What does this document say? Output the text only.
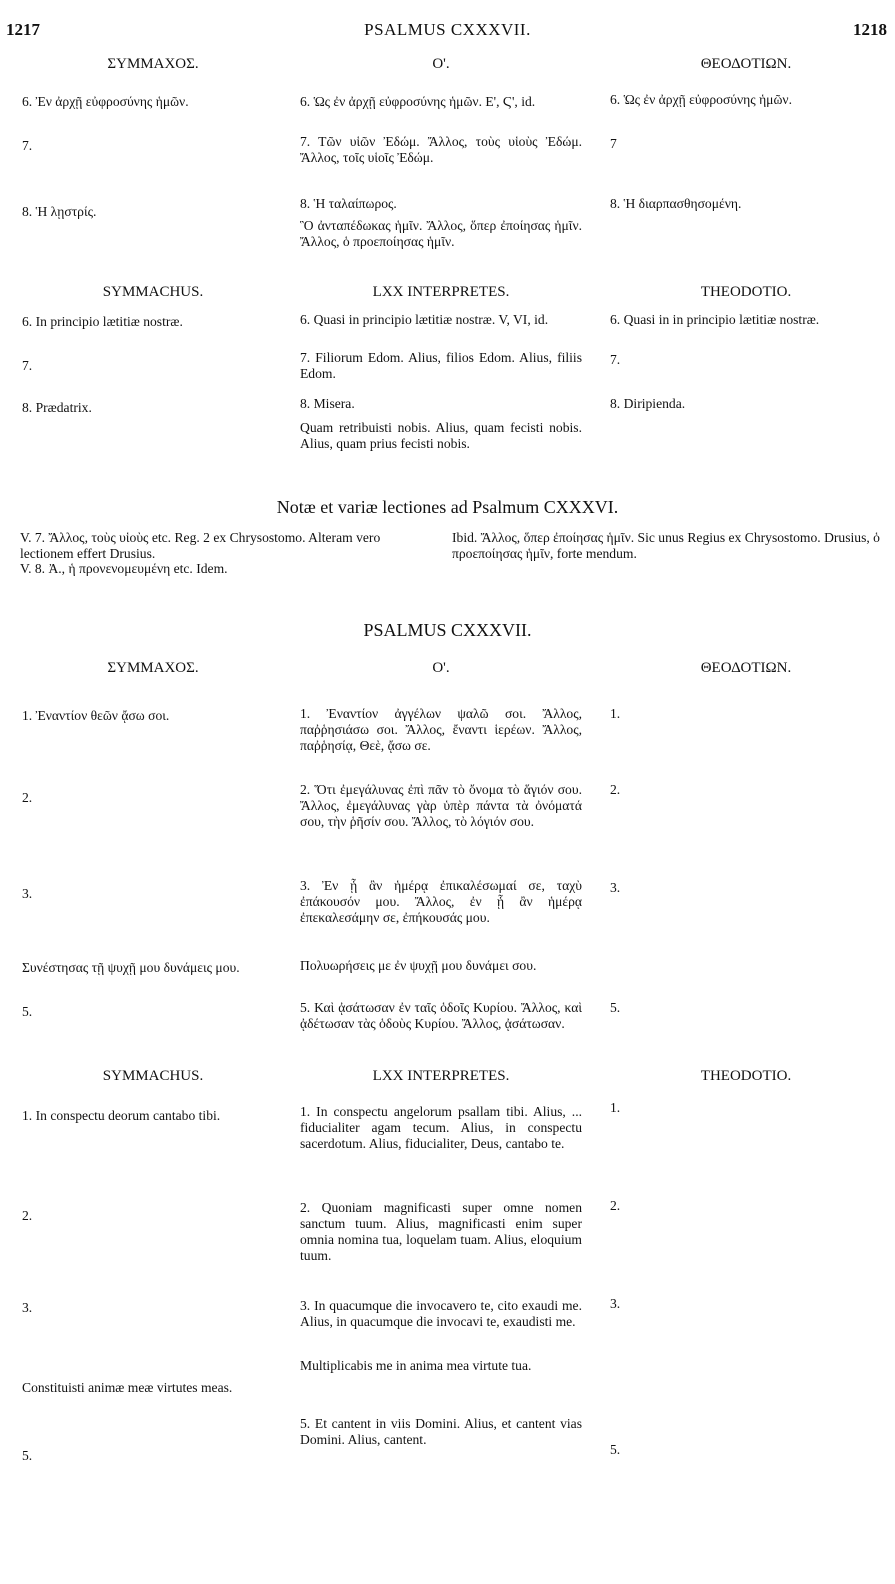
1217	PSALMUS CXXXVII.	1218
ΣΥΜΜΑΧΟΣ.
6. Ἐν ἀρχῇ εὐφροσύνης ἡμῶν.
7.
8. Ἡ λῃστρίς.
Ο'.
6. Ὡς ἐν ἀρχῇ εὐφροσύνης ἡμῶν. E', Ϛ', id.
7. Τῶν υἱῶν Ἐδώμ. Ἄλλος, τοὺς υἱοὺς Ἐδώμ. Ἄλλος, τοῖς υἱοῖς Ἐδώμ.
8. Ἡ ταλαίπωρος.
Ὃ ἀνταπέδωκας ἡμῖν. Ἄλλος, ὅπερ ἐποίησας ἡμῖν. Ἄλλος, ὁ προεποίησας ἡμῖν.
ΘΕΟΔΟΤΙΩΝ.
6. Ὡς ἐν ἀρχῇ εὐφροσύνης ἡμῶν.
7
8. Ἡ διαρπασθησομένη.
SYMMACHUS.
6. In principio lætitiæ nostræ.
7.
8. Prædatrix.
LXX INTERPRETES.
6. Quasi in principio lætitiæ nostræ. V, VI, id.
7. Filiorum Edom. Alius, filios Edom. Alius, filiis Edom.
8. Misera.
Quam retribuisti nobis. Alius, quam fecisti nobis. Alius, quam prius fecisti nobis.
THEODOTIO.
6. Quasi in in principio lætitiæ nostræ.
7.
8. Diripienda.
Notæ et variæ lectiones ad Psalmum CXXXVI.
V. 7. Ἄλλος, τοὺς υἱοὺς etc. Reg. 2 ex Chrysostomo. Alteram vero lectionem effert Drusius.
V. 8. Ἀ., ἡ προνενομευμένη etc. Idem.
Ibid. Ἄλλος, ὅπερ ἐποίησας ἡμῖν. Sic unus Regius ex Chrysostomo. Drusius, ὁ προεποίησας ἡμῖν, forte mendum.
PSALMUS CXXXVII.
ΣΥΜΜΑΧΟΣ.
1. Ἐναντίον θεῶν ᾄσω σοι.
2.
3.
Συνέστησας τῇ ψυχῇ μου δυνάμεις μου.
5.
Ο'.
1. Ἐναντίον ἀγγέλων ψαλῶ σοι. Ἄλλος, παῤῥησιάσω σοι. Ἄλλος, ἔναντι ἱερέων. Ἄλλος, παῤῥησίᾳ, Θεὲ, ᾄσω σε.
2. Ὅτι ἐμεγάλυνας ἐπὶ πᾶν τὸ ὄνομα τὸ ἅγιόν σου. Ἄλλος, ἐμεγάλυνας γὰρ ὑπὲρ πάντα τὰ ὀνόματά σου, τὴν ῥῆσίν σου. Ἄλλος, τὸ λόγιόν σου.
3. Ἐν ᾗ ἂν ἡμέρᾳ ἐπικαλέσωμαί σε, ταχὺ ἐπάκουσόν μου. Ἄλλος, ἐν ᾗ ἂν ἡμέρᾳ ἐπεκαλεσάμην σε, ἐπήκουσάς μου.
Πολυωρήσεις με ἐν ψυχῇ μου δυνάμει σου.
5. Καὶ ᾀσάτωσαν ἐν ταῖς ὁδοῖς Κυρίου. Ἄλλος, καὶ ᾀδέτωσαν τὰς ὁδοὺς Κυρίου. Ἄλλος, ᾀσάτωσαν.
ΘΕΟΔΟΤΙΩΝ.
1.
2.
3.
5.
SYMMACHUS.
1. In conspectu deorum cantabo tibi.
2.
3.
Constituisti animæ meæ virtutes meas.
5.
LXX INTERPRETES.
1. In conspectu angelorum psallam tibi. Alius, ... fiducialiter agam tecum. Alius, in conspectu sacerdotum. Alius, fiducialiter, Deus, cantabo te.
2. Quoniam magnificasti super omne nomen sanctum tuum. Alius, magnificasti enim super omnia nomina tua, loquelam tuam. Alius, eloquium tuum.
3. In quacumque die invocavero te, cito exaudi me. Alius, in quacumque die invocavi te, exaudisti me.
Multiplicabis me in anima mea virtute tua.
5. Et cantent in viis Domini. Alius, et cantent vias Domini. Alius, cantent.
THEODOTIO.
1.
2.
3.
5.
